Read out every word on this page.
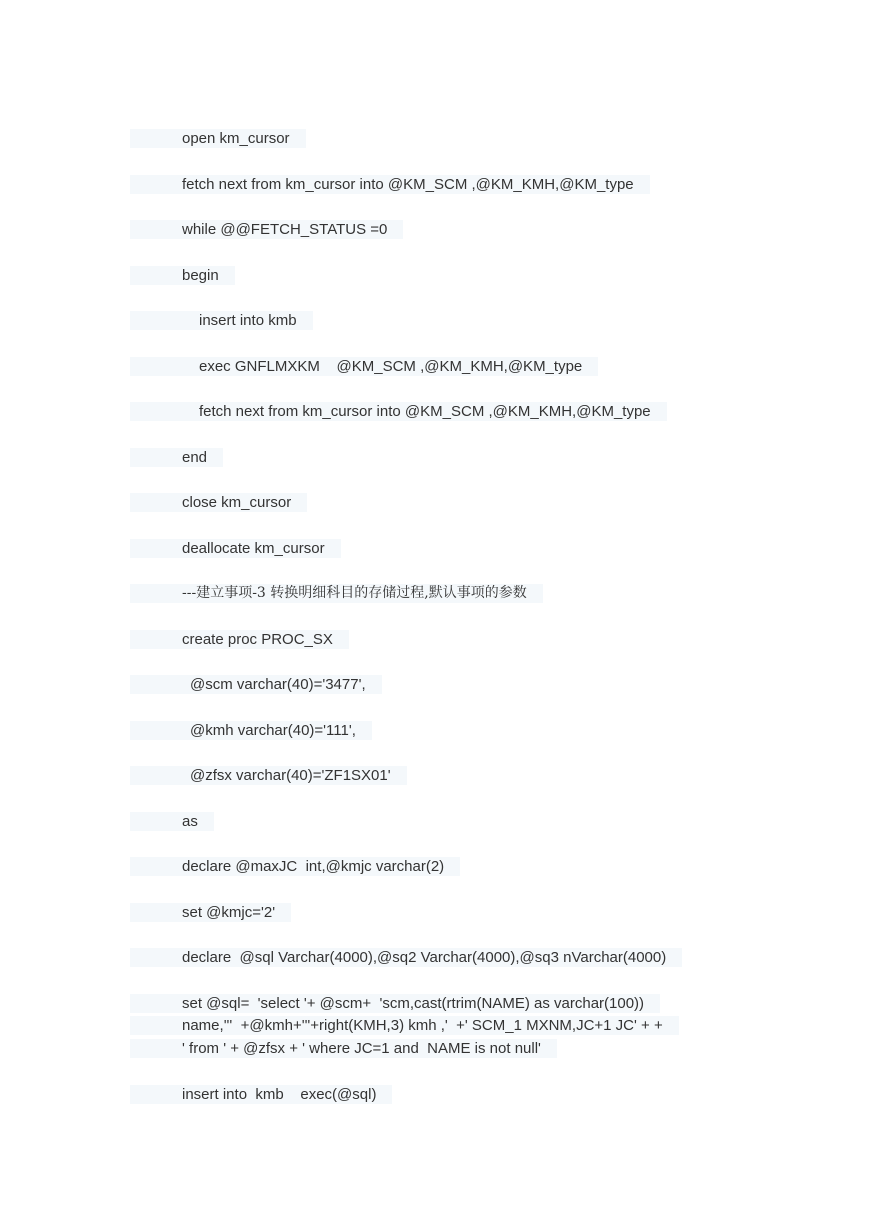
open km_cursor
fetch next from km_cursor into @KM_SCM ,@KM_KMH,@KM_type
while @@FETCH_STATUS =0
begin
insert into kmb
exec GNFLMXKM    @KM_SCM ,@KM_KMH,@KM_type
fetch next from km_cursor into @KM_SCM ,@KM_KMH,@KM_type
end
close km_cursor
deallocate km_cursor
---建立事项-3 转换明细科目的存储过程,默认事项的参数
create proc PROC_SX
@scm varchar(40)='3477',
@kmh varchar(40)='111',
@zfsx varchar(40)='ZF1SX01'
as
declare @maxJC  int,@kmjc varchar(2)
set @kmjc='2'
declare  @sql Varchar(4000),@sq2 Varchar(4000),@sq3 nVarchar(4000)
set @sql=  'select '+ @scm+  'scm,cast(rtrim(NAME) as varchar(100))
name,'''  +@kmh+'''+right(KMH,3) kmh ,'  +' SCM_1 MXNM,JC+1 JC' + +
' from ' + @zfsx + ' where JC=1 and  NAME is not null'
insert into  kmb    exec(@sql)
